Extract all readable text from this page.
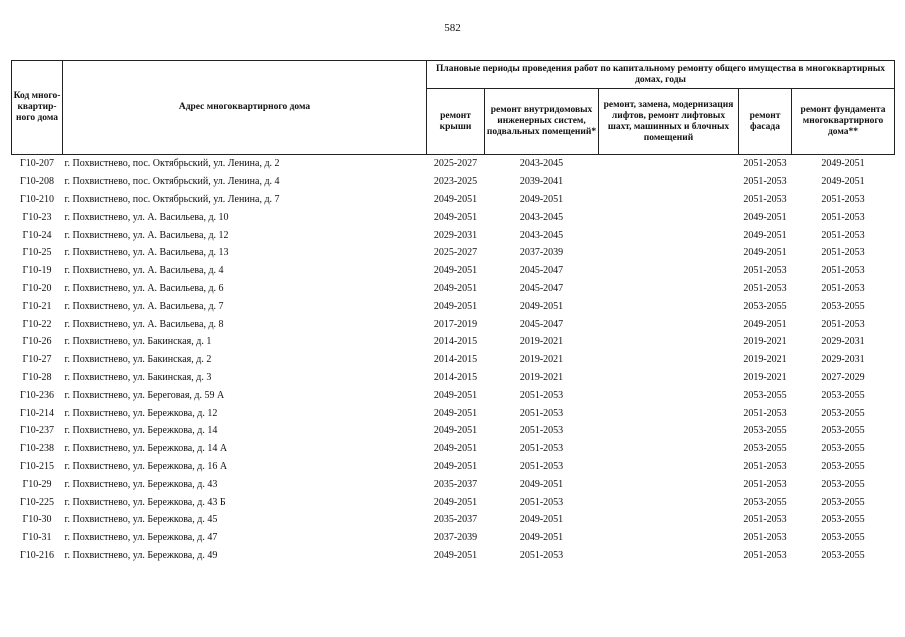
582
Код много-квартир-ного дома	Адрес многоквартирного дома	Плановые периоды проведения работ по капитальному ремонту общего имущества в многоквартирных домах, годы				
		ремонт крыши	ремонт внутридомовых инженерных систем, подвальных помещений*	ремонт, замена, модернизация лифтов, ремонт лифтовых шахт, машинных и блочных помещений	ремонт фасада	ремонт фундамента многоквартирного дома**
Г10-207	г. Похвистнево, пос. Октябрьский, ул. Ленина, д. 2	2025-2027	2043-2045		2051-2053	2049-2051
Г10-208	г. Похвистнево, пос. Октябрьский, ул. Ленина, д. 4	2023-2025	2039-2041		2051-2053	2049-2051
Г10-210	г. Похвистнево, пос. Октябрьский, ул. Ленина, д. 7	2049-2051	2049-2051		2051-2053	2051-2053
Г10-23	г. Похвистнево, ул. А. Васильева, д. 10	2049-2051	2043-2045		2049-2051	2051-2053
Г10-24	г. Похвистнево, ул. А. Васильева, д. 12	2029-2031	2043-2045		2049-2051	2051-2053
Г10-25	г. Похвистнево, ул. А. Васильева, д. 13	2025-2027	2037-2039		2049-2051	2051-2053
Г10-19	г. Похвистнево, ул. А. Васильева, д. 4	2049-2051	2045-2047		2051-2053	2051-2053
Г10-20	г. Похвистнево, ул. А. Васильева, д. 6	2049-2051	2045-2047		2051-2053	2051-2053
Г10-21	г. Похвистнево, ул. А. Васильева, д. 7	2049-2051	2049-2051		2053-2055	2053-2055
Г10-22	г. Похвистнево, ул. А. Васильева, д. 8	2017-2019	2045-2047		2049-2051	2051-2053
Г10-26	г. Похвистнево, ул. Бакинская, д. 1	2014-2015	2019-2021		2019-2021	2029-2031
Г10-27	г. Похвистнево, ул. Бакинская, д. 2	2014-2015	2019-2021		2019-2021	2029-2031
Г10-28	г. Похвистнево, ул. Бакинская, д. 3	2014-2015	2019-2021		2019-2021	2027-2029
Г10-236	г. Похвистнево, ул. Береговая, д. 59 А	2049-2051	2051-2053		2053-2055	2053-2055
Г10-214	г. Похвистнево, ул. Бережкова, д. 12	2049-2051	2051-2053		2051-2053	2053-2055
Г10-237	г. Похвистнево, ул. Бережкова, д. 14	2049-2051	2051-2053		2053-2055	2053-2055
Г10-238	г. Похвистнево, ул. Бережкова, д. 14 А	2049-2051	2051-2053		2053-2055	2053-2055
Г10-215	г. Похвистнево, ул. Бережкова, д. 16 А	2049-2051	2051-2053		2051-2053	2053-2055
Г10-29	г. Похвистнево, ул. Бережкова, д. 43	2035-2037	2049-2051		2051-2053	2053-2055
Г10-225	г. Похвистнево, ул. Бережкова, д. 43 Б	2049-2051	2051-2053		2053-2055	2053-2055
Г10-30	г. Похвистнево, ул. Бережкова, д. 45	2035-2037	2049-2051		2051-2053	2053-2055
Г10-31	г. Похвистнево, ул. Бережкова, д. 47	2037-2039	2049-2051		2051-2053	2053-2055
Г10-216	г. Похвистнево, ул. Бережкова, д. 49	2049-2051	2051-2053		2051-2053	2053-2055
